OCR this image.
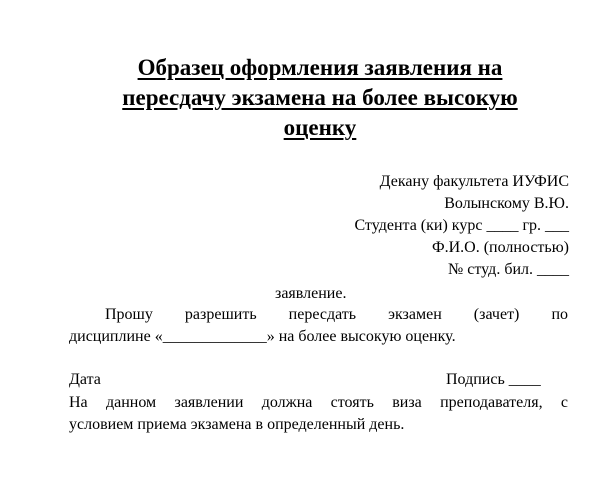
Образец оформления заявления на
пересдачу экзамена на более высокую
оценку
Декану факультета ИУФИС
Волынскому В.Ю.
Студента (ки) курс ____ гр. ___
Ф.И.О. (полностью)
№ студ. бил. ____
заявление.
Прошу разрешить пересдать экзамен (зачет) по
дисциплине «_____________» на более высокую оценку.
Дата	Подпись ____
На данном заявлении должна стоять виза преподавателя, с
условием приема экзамена в определенный день.
